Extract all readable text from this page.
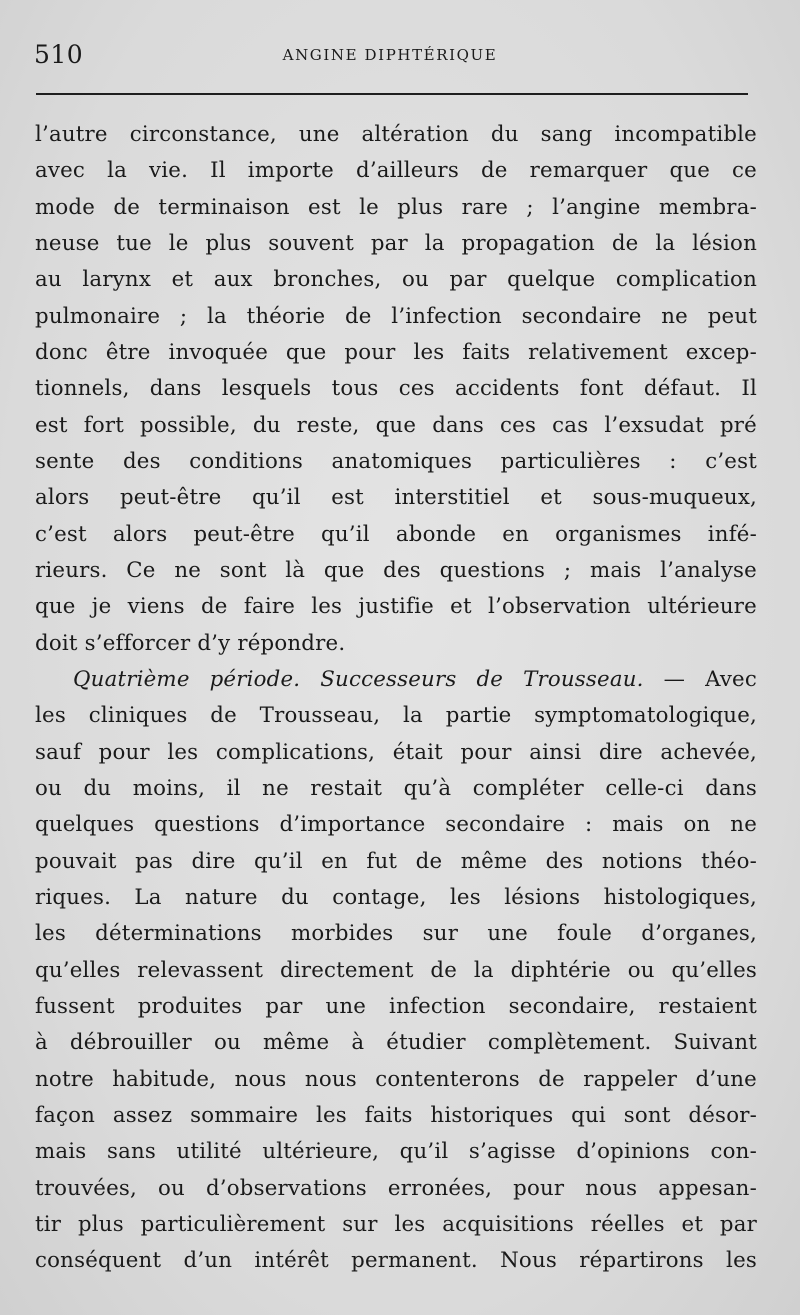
510	ANGINE DIPHTÉRIQUE
l’autre circonstance, une altération du sang incompatible
avec la vie. Il importe d’ailleurs de remarquer que ce
mode de terminaison est le plus rare ; l’angine membra-
neuse tue le plus souvent par la propagation de la lésion
au larynx et aux bronches, ou par quelque complication
pulmonaire ; la théorie de l’infection secondaire ne peut
donc être invoquée que pour les faits relativement excep-
tionnels, dans lesquels tous ces accidents font défaut. Il
est fort possible, du reste, que dans ces cas l’exsudat pré
sente des conditions anatomiques particulières : c’est
alors peut-être qu’il est interstitiel et sous-muqueux,
c’est alors peut-être qu’il abonde en organismes infé-
rieurs. Ce ne sont là que des questions ; mais l’analyse
que je viens de faire les justifie et l’observation ultérieure
doit s’efforcer d’y répondre.
Quatrième période. Successeurs de Trousseau. — Avec
les cliniques de Trousseau, la partie symptomatologique,
sauf pour les complications, était pour ainsi dire achevée,
ou du moins, il ne restait qu’à compléter celle-ci dans
quelques questions d’importance secondaire : mais on ne
pouvait pas dire qu’il en fut de même des notions théo-
riques. La nature du contage, les lésions histologiques,
les déterminations morbides sur une foule d’organes,
qu’elles relevassent directement de la diphtérie ou qu’elles
fussent produites par une infection secondaire, restaient
à débrouiller ou même à étudier complètement. Suivant
notre habitude, nous nous contenterons de rappeler d’une
façon assez sommaire les faits historiques qui sont désor-
mais sans utilité ultérieure, qu’il s’agisse d’opinions con-
trouvées, ou d’observations erronées, pour nous appesan-
tir plus particulièrement sur les acquisitions réelles et par
conséquent d’un intérêt permanent. Nous répartirons les
